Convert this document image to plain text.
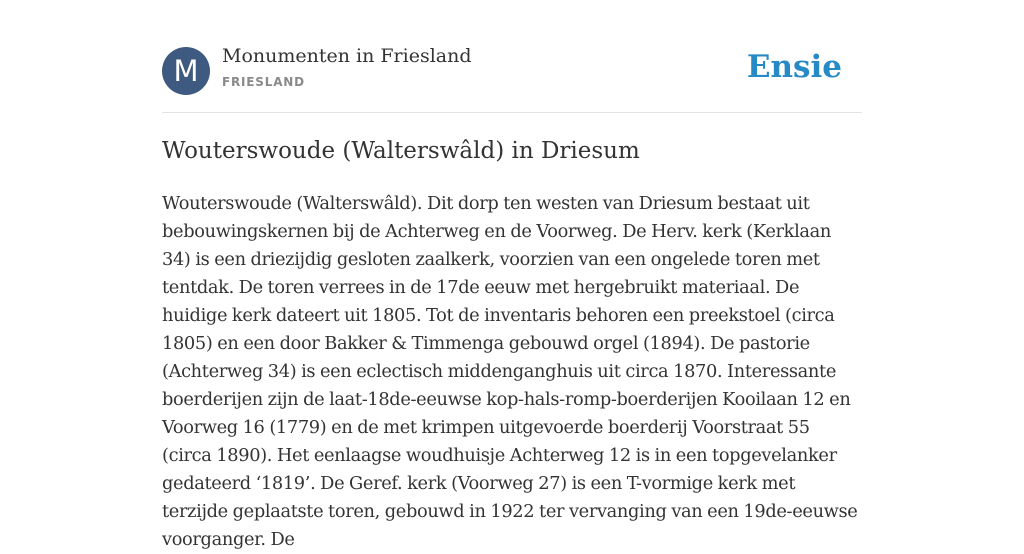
M	Monumenten in Friesland
FRIESLAND	Ensie
Wouterswoude (Walterswâld) in Driesum

Wouterswoude (Walterswâld). Dit dorp ten westen van Driesum bestaat uit bebouwingskernen bij de Achterweg en de Voorweg. De Herv. kerk (Kerklaan 34) is een driezijdig gesloten zaalkerk, voorzien van een ongelede toren met tentdak. De toren verrees in de 17de eeuw met hergebruikt materiaal. De huidige kerk dateert uit 1805. Tot de inventaris behoren een preekstoel (circa 1805) en een door Bakker & Timmenga gebouwd orgel (1894). De pastorie (Achterweg 34) is een eclectisch middenganghuis uit circa 1870. Interessante boerderijen zijn de laat-18de-eeuwse kop-hals-romp-boerderijen Kooilaan 12 en Voorweg 16 (1779) en de met krimpen uitgevoerde boerderij Voorstraat 55 (circa 1890). Het eenlaagse woudhuisje Achterweg 12 is in een topgevelanker gedateerd ‘1819’. De Geref. kerk (Voorweg 27) is een T-vormige kerk met terzijde geplaatste toren, gebouwd in 1922 ter vervanging van een 19de-eeuwse voorganger. De
